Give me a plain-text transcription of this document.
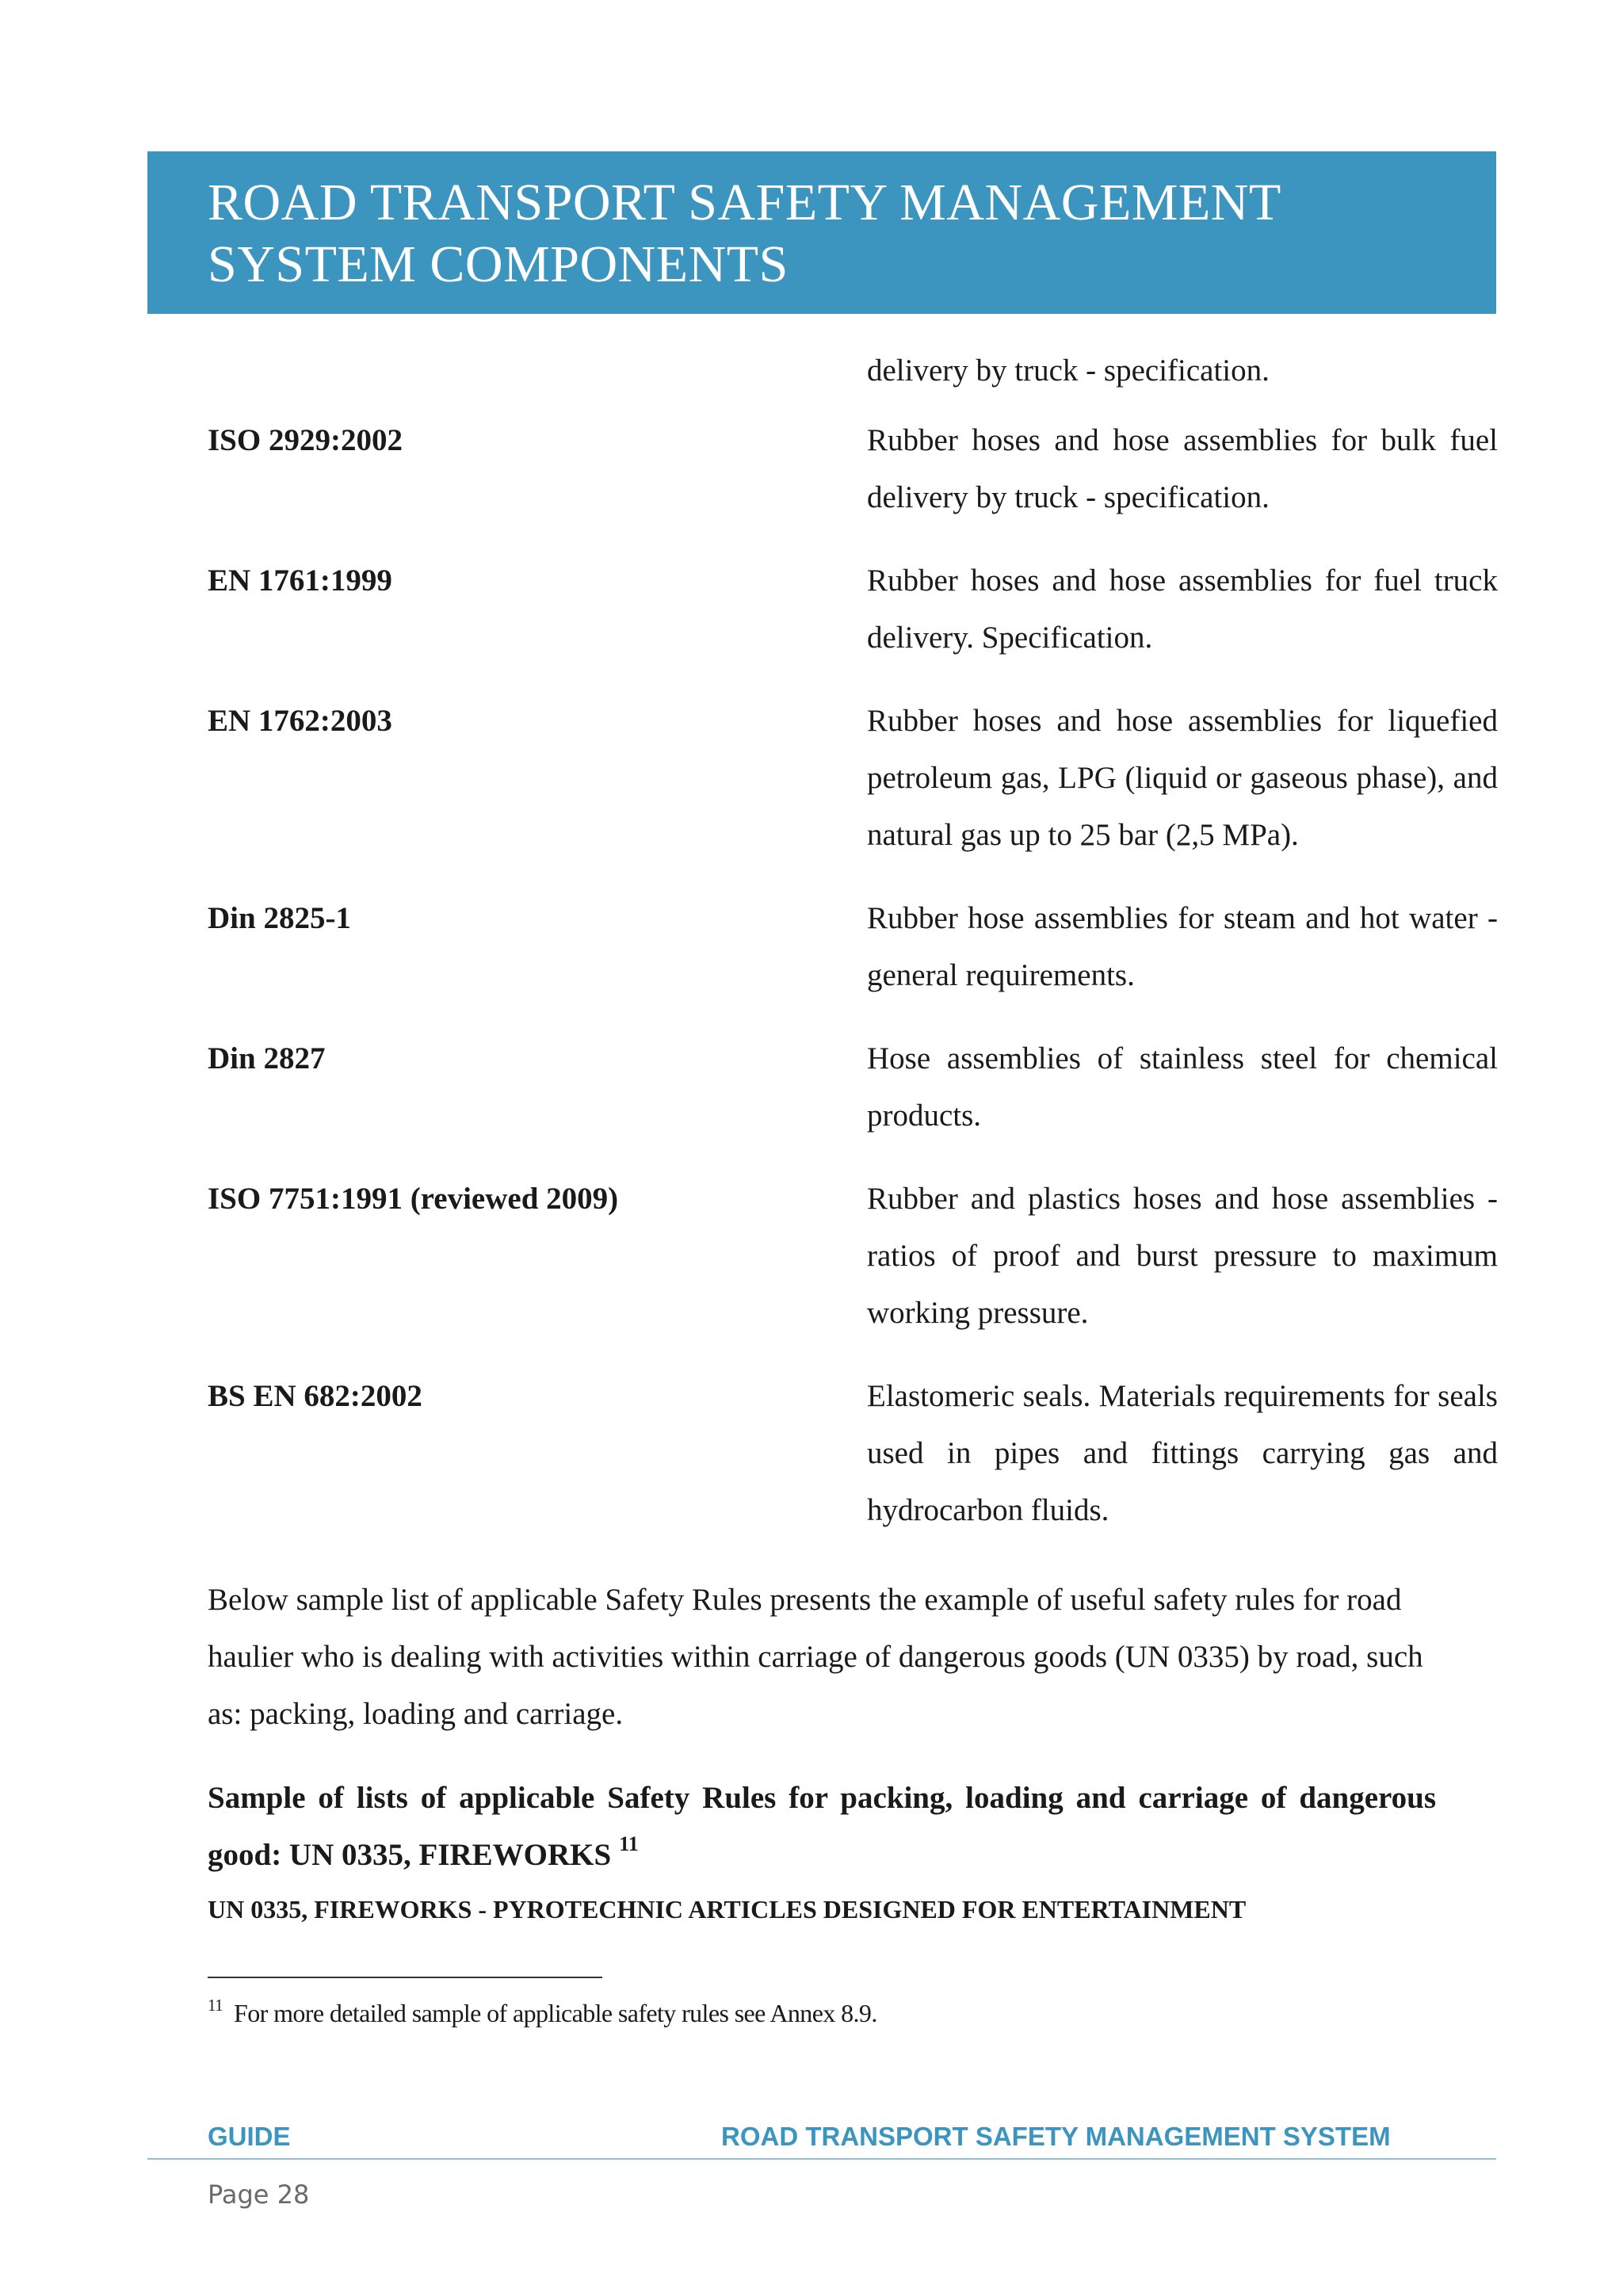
ROAD TRANSPORT SAFETY MANAGEMENT
SYSTEM COMPONENTS
delivery by truck - specification.
ISO 2929:2002	Rubber hoses and hose assemblies for bulk fuel delivery by truck - specification.
EN 1761:1999	Rubber hoses and hose assemblies for fuel truck delivery. Specification.
EN 1762:2003	Rubber hoses and hose assemblies for liquefied petroleum gas, LPG (liquid or gaseous phase), and natural gas up to 25 bar (2,5 MPa).
Din 2825-1	Rubber hose assemblies for steam and hot water - general requirements.
Din 2827	Hose assemblies of stainless steel for chemical products.
ISO 7751:1991 (reviewed 2009)	Rubber and plastics hoses and hose assemblies - ratios of proof and burst pressure to maximum working pressure.
BS EN 682:2002	Elastomeric seals. Materials requirements for seals used in pipes and fittings carrying gas and hydrocarbon fluids.

Below sample list of applicable Safety Rules presents the example of useful safety rules for road haulier who is dealing with activities within carriage of dangerous goods (UN 0335) by road, such as: packing, loading and carriage.

Sample of lists of applicable Safety Rules for packing, loading and carriage of dangerous good: UN 0335, FIREWORKS $^{11}$

UN 0335, FIREWORKS - PYROTECHNIC ARTICLES DESIGNED FOR ENTERTAINMENT

$^{11}$ For more detailed sample of applicable safety rules see Annex 8.9.

GUIDE	ROAD TRANSPORT SAFETY MANAGEMENT SYSTEM
Page 28
